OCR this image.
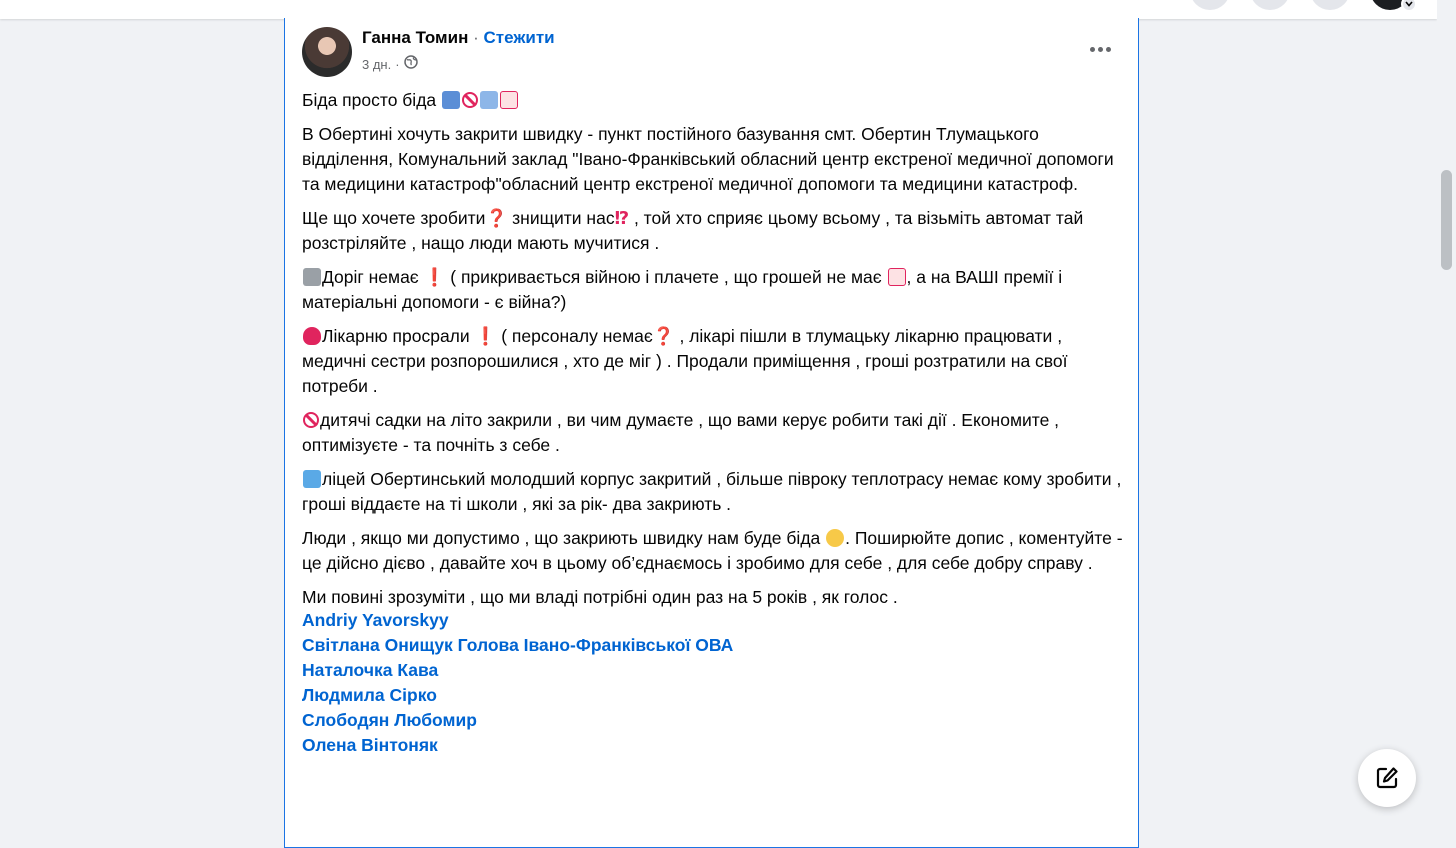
Ганна Томин · Стежити
3 дн. ·

Біда просто біда

В Обертині хочуть закрити швидку - пункт постійного базування смт. Обертин Тлумацького відділення, Комунальний заклад "Івано-Франківський обласний центр екстреної медичної допомоги та медицини катастроф"обласний центр екстреної медичної допомоги та медицини катастроф.

Ще що хочете зробити❓ знищити нас⁉ , той хто сприяє цьому всьому , та візьміть автомат тай розстріляйте , нащо люди мають мучитися .

Доріг немає ❗ ( прикривається війною і плачете , що грошей не має , а на ВАШІ премії і матеріальні допомоги - є війна?)

Лікарню просрали ❗ ( персоналу немає❓ , лікарі пішли в тлумацьку лікарню працювати , медичні сестри розпорошилися , хто де міг ) . Продали приміщення , гроші розтратили на свої потреби .

дитячі садки на літо закрили , ви чим думаєте , що вами керує робити такі дії . Економите , оптимізуєте - та почніть з себе .

ліцей Обертинський молодший корпус закритий , більше півроку теплотрасу немає кому зробити , гроші віддаєте на ті школи , які за рік- два закриють .

Люди , якщо ми допустимо , що закриють швидку нам буде біда . Поширюйте допис , коментуйте - це дійсно дієво , давайте хоч в цьому об’єднаємось і зробимо для себе , для себе добру справу .

Ми повині зрозуміти , що ми владі потрібні один раз на 5 років , як голос .

Andriy Yavorskyy
Світлана Онищук Голова Івано-Франківської ОВА
Наталочка Кава
Людмила Сірко
Слободян Любомир
Олена Вінтоняк
